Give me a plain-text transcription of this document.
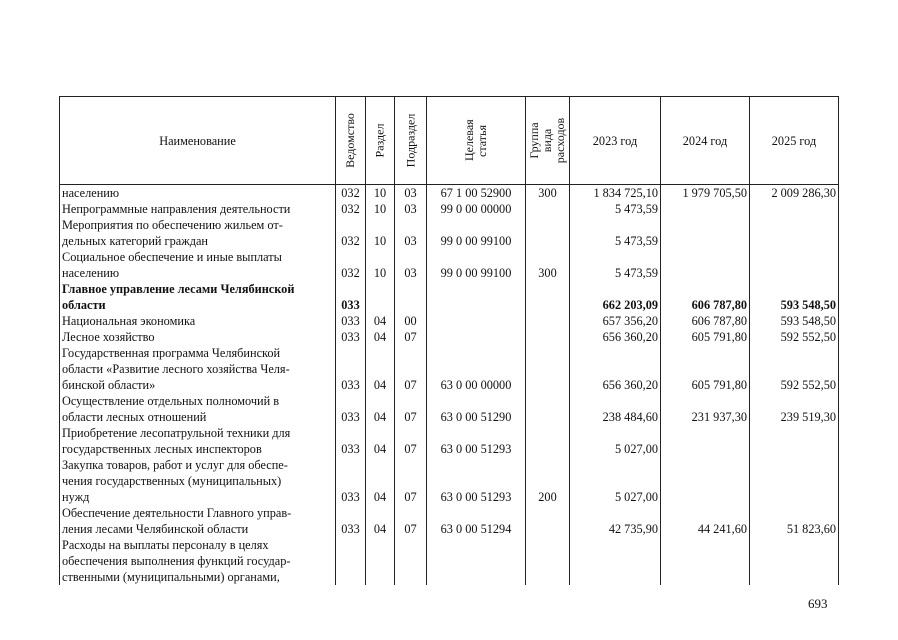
Наименование	Ведомство	Раздел	Подраздел	Целевая статья	Группа вида расходов	2023 год	2024 год	2025 год

населению	032	10	03	67 1 00 52900	300	1 834 725,10	1 979 705,50	2 009 286,30

Непрограммные направления деятельности	032	10	03	99 0 00 00000		5 473,59		

Мероприятия по обеспечению жильем от-
дельных категорий граждан	032	10	03	99 0 00 99100		5 473,59		

Социальное обеспечение и иные выплаты
населению	032	10	03	99 0 00 99100	300	5 473,59		

Главное управление лесами Челябинской
области	033					662 203,09	606 787,80	593 548,50

Национальная экономика	033	04	00			657 356,20	606 787,80	593 548,50

Лесное хозяйство	033	04	07			656 360,20	605 791,80	592 552,50

Государственная программа Челябинской
области «Развитие лесного хозяйства Челя-
бинской области»	033	04	07	63 0 00 00000		656 360,20	605 791,80	592 552,50

Осуществление отдельных полномочий в
области лесных отношений	033	04	07	63 0 00 51290		238 484,60	231 937,30	239 519,30

Приобретение лесопатрульной техники для
государственных лесных инспекторов	033	04	07	63 0 00 51293		5 027,00		

Закупка товаров, работ и услуг для обеспе-
чения государственных (муниципальных)
нужд	033	04	07	63 0 00 51293	200	5 027,00		

Обеспечение деятельности Главного управ-
ления лесами Челябинской области	033	04	07	63 0 00 51294		42 735,90	44 241,60	51 823,60

Расходы на выплаты персоналу в целях
обеспечения выполнения функций государ-
ственными (муниципальными) органами,								

693
